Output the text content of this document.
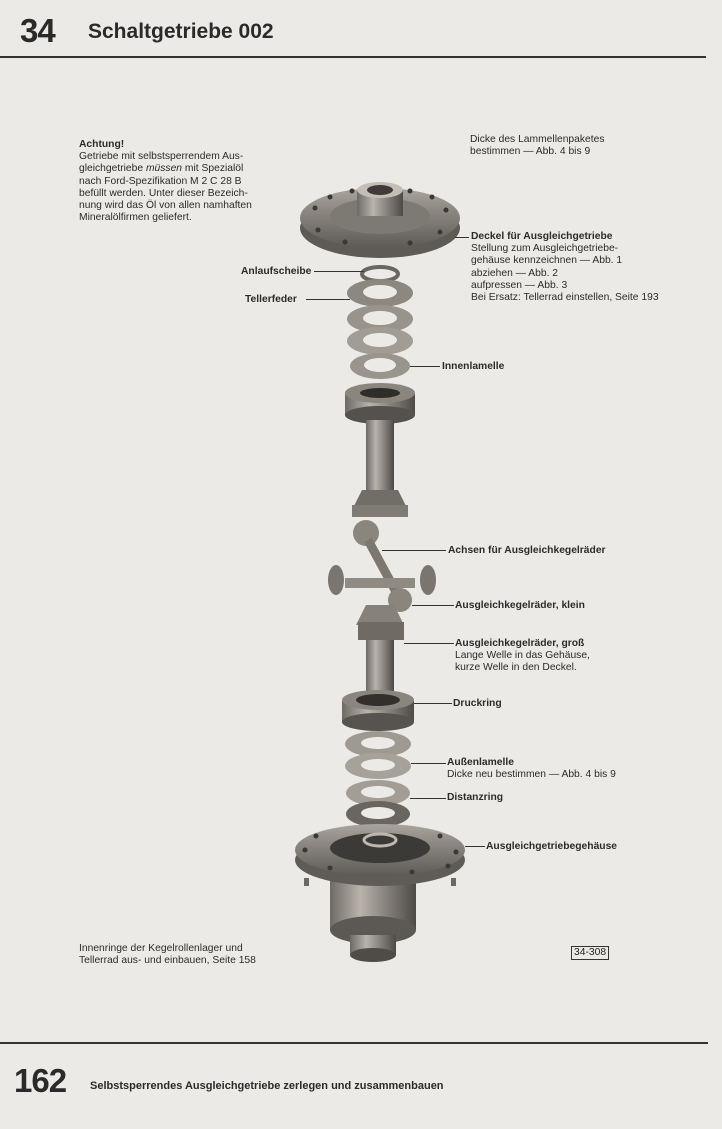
34 Schaltgetriebe 002
Achtung!
Getriebe mit selbstsperrendem Aus-
gleichgetriebe müssen mit Spezialöl
nach Ford-Spezifikation M 2 C 28 B
befüllt werden. Unter dieser Bezeich-
nung wird das Öl von allen namhaften
Mineralölfirmen geliefert.
Dicke des Lammellenpaketes
bestimmen — Abb. 4 bis 9
Deckel für Ausgleichgetriebe
Stellung zum Ausgleichgetriebe-
gehäuse kennzeichnen — Abb. 1
abziehen — Abb. 2
aufpressen — Abb. 3
Bei Ersatz: Tellerrad einstellen, Seite 193
Anlaufscheibe
Tellerfeder
Innenlamelle
Achsen für Ausgleichkegelräder
Ausgleichkegelräder, klein
Ausgleichkegelräder, groß
Lange Welle in das Gehäuse,
kurze Welle in den Deckel.
Druckring
Außenlamelle
Dicke neu bestimmen — Abb. 4 bis 9
Distanzring
Ausgleichgetriebegehäuse
Innenringe der Kegelrollenlager und
Tellerrad aus- und einbauen, Seite 158
34-308
162 Selbstsperrendes Ausgleichgetriebe zerlegen und zusammenbauen
